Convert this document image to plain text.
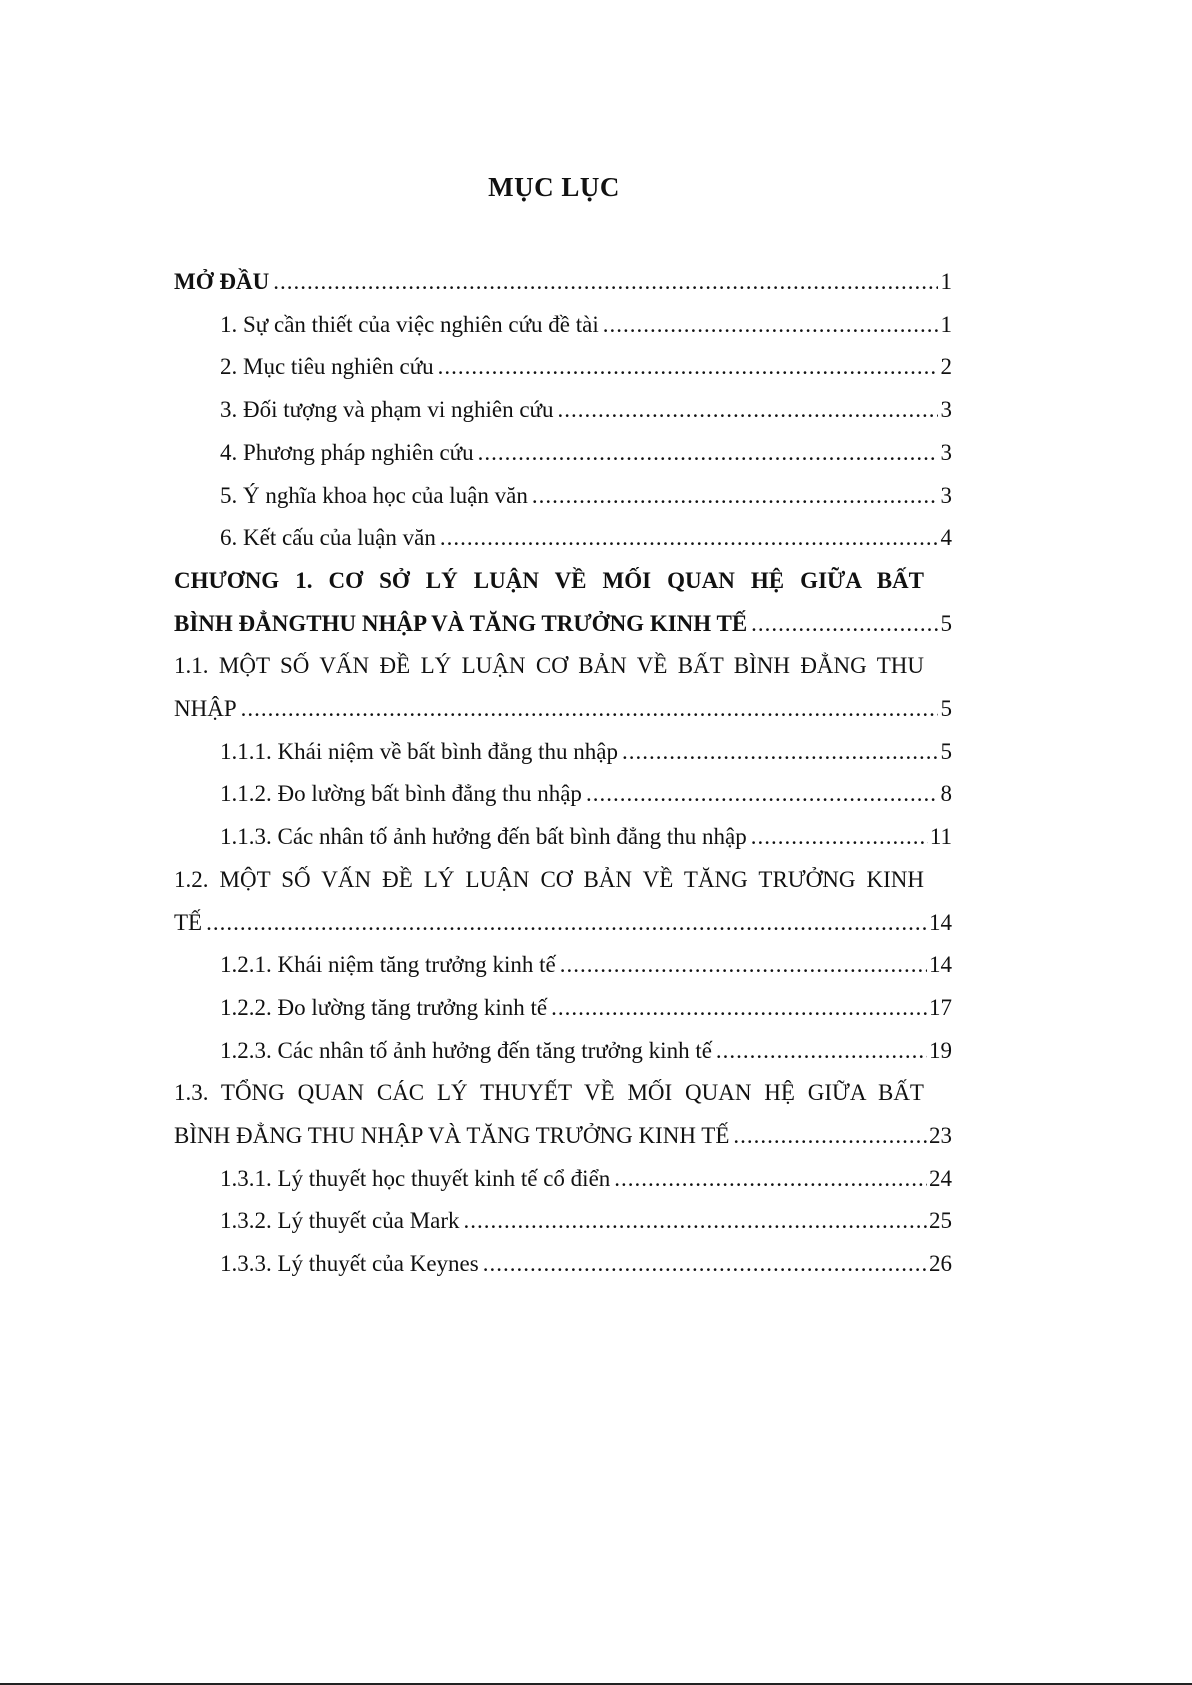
MỤC LỤC
MỞ ĐẦU .....	1
1. Sự cần thiết của việc nghiên cứu đề tài .....	1
2. Mục tiêu nghiên cứu .....	2
3. Đối tượng và phạm vi nghiên cứu .....	3
4. Phương pháp nghiên cứu .....	3
5. Ý nghĩa khoa học của luận văn .....	3
6. Kết cấu của luận văn .....	4
CHƯƠNG 1. CƠ SỞ LÝ LUẬN VỀ MỐI QUAN HỆ GIỮA BẤT
BÌNH ĐẲNGTHU NHẬP VÀ TĂNG TRƯỞNG KINH TẾ .....	5
1.1. MỘT SỐ VẤN ĐỀ LÝ LUẬN CƠ BẢN VỀ BẤT BÌNH ĐẲNG THU
NHẬP .....	5
1.1.1. Khái niệm về bất bình đẳng thu nhập .....	5
1.1.2. Đo lường bất bình đẳng thu nhập .....	8
1.1.3. Các nhân tố ảnh hưởng đến bất bình đẳng thu nhập .....	11
1.2. MỘT SỐ VẤN ĐỀ LÝ LUẬN CƠ BẢN VỀ TĂNG TRƯỞNG KINH
TẾ .....	14
1.2.1. Khái niệm tăng trưởng kinh tế .....	14
1.2.2. Đo lường tăng trưởng kinh tế .....	17
1.2.3. Các nhân tố ảnh hưởng đến tăng trưởng kinh tế .....	19
1.3. TỔNG QUAN CÁC LÝ THUYẾT VỀ MỐI QUAN HỆ GIỮA BẤT
BÌNH ĐẲNG THU NHẬP VÀ TĂNG TRƯỞNG KINH TẾ .....	23
1.3.1. Lý thuyết học thuyết kinh tế cổ điển .....	24
1.3.2. Lý thuyết của Mark .....	25
1.3.3. Lý thuyết của Keynes .....	26
